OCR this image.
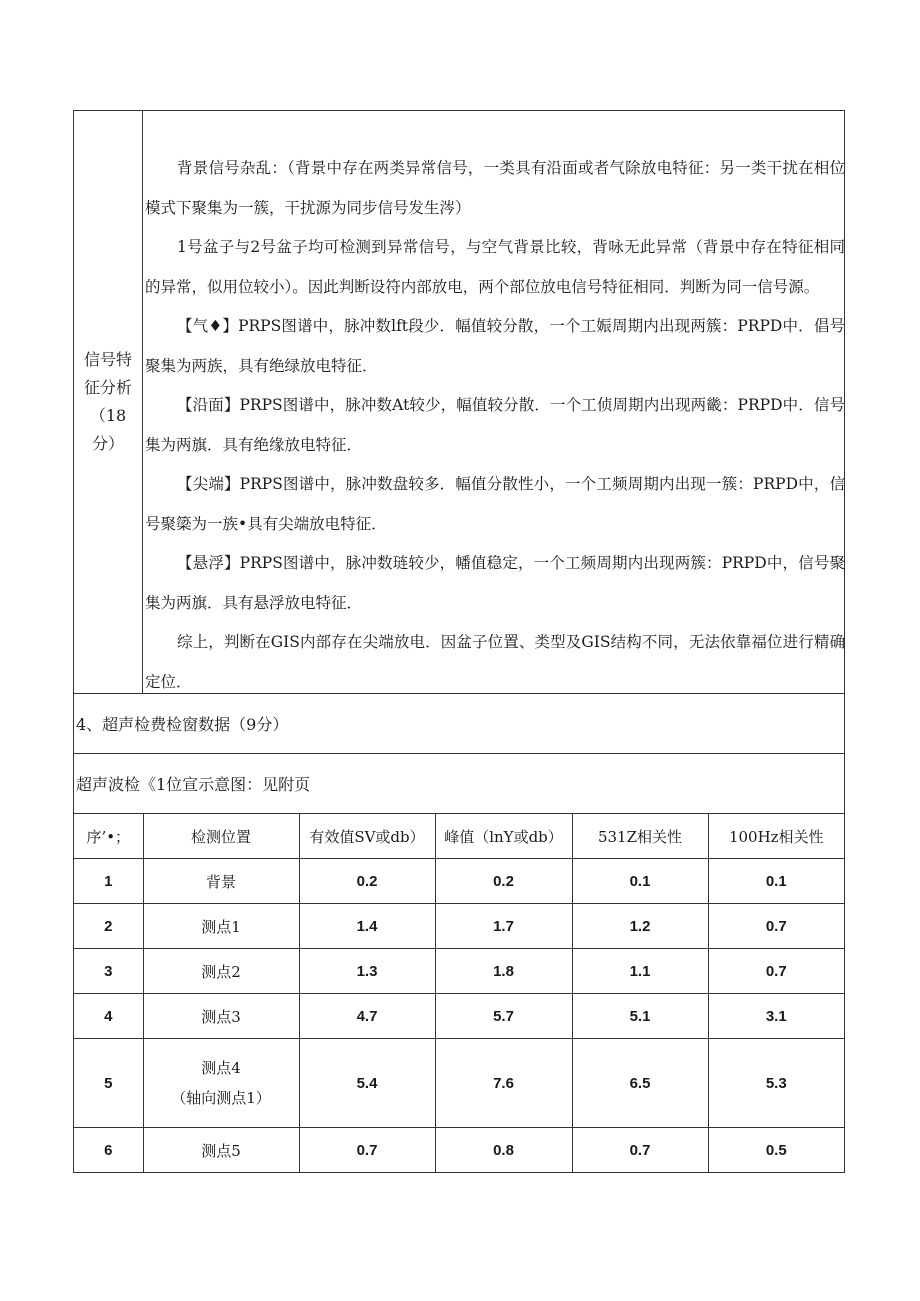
信号特
征分析
（18
分）

背景信号杂乱：（背景中存在两类异常信号，一类具有沿面或者气除放电特征：另一类干扰在相位模式下聚集为一簇，干扰源为同步信号发生涔）

1号盆子与2号盆子均可检测到异常信号，与空气背景比较，背咏无此异常（背景中存在特征相同的异常，似用位较小）。因此判断设符内部放电，两个部位放电信号特征相同．判断为同一信号源。

【气♦】PRPS图谱中，脉冲数lft段少．幅值较分散，一个工娠周期内出现两簇：PRPD中．倡号聚集为两族，具有绝绿放电特征．

【沿面】PRPS图谱中，脉冲数At较少，幅值较分散．一个工侦周期内出现两畿：PRPD中．信号集为两旗．具有绝缘放电特征．

【尖端】PRPS图谱中，脉冲数盘较多．幅值分散性小，一个工频周期内出现一簇：PRPD中，信号聚簗为一族•具有尖端放电特征．

【悬浮】PRPS图谱中，脉冲数琏较少，幡值稳定，一个工频周期内出现两簇：PRPD中，信号聚集为两旗．具有悬浮放电特征．

综上，判断在GIS内部存在尖端放电．因盆子位置、类型及GIS结构不同，无法依靠福位进行精确定位．

4、超声检费检窗数据（9分）
超声波检《1位宣示意图：见附页
序’•；	检测位置	有效值SV或db）	峰值（lnY或db）	531Z相关性	100Hz相关性
1	背景	0.2	0.2	0.1	0.1
2	测点1	1.4	1.7	1.2	0.7
3	测点2	1.3	1.8	1.1	0.7
4	测点3	4.7	5.7	5.1	3.1
5	测点4
（轴向测点1）	5.4	7.6	6.5	5.3
6	测点5	0.7	0.8	0.7	0.5
